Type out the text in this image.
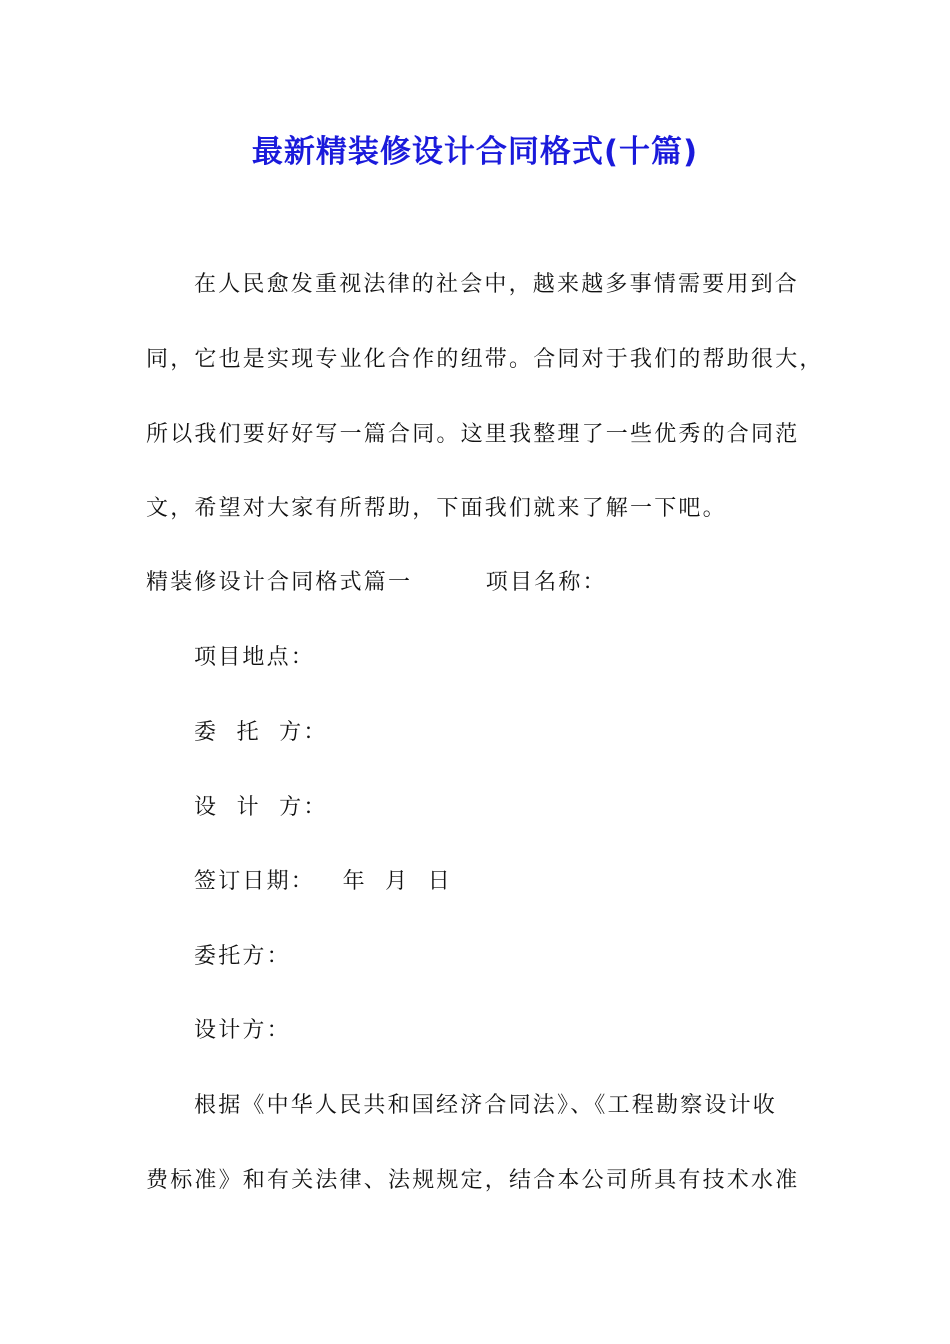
最新精装修设计合同格式(十篇)
在人民愈发重视法律的社会中，越来越多事情需要用到合
同，它也是实现专业化合作的纽带。合同对于我们的帮助很大，
所以我们要好好写一篇合同。这里我整理了一些优秀的合同范
文，希望对大家有所帮助，下面我们就来了解一下吧。
精装修设计合同格式篇一        项目名称：
项目地点：
委  托  方：
设  计  方：
签订日期：   年  月  日
委托方：
设计方：
根据《中华人民共和国经济合同法》、《工程勘察设计收
费标准》和有关法律、法规规定，结合本公司所具有技术水准
